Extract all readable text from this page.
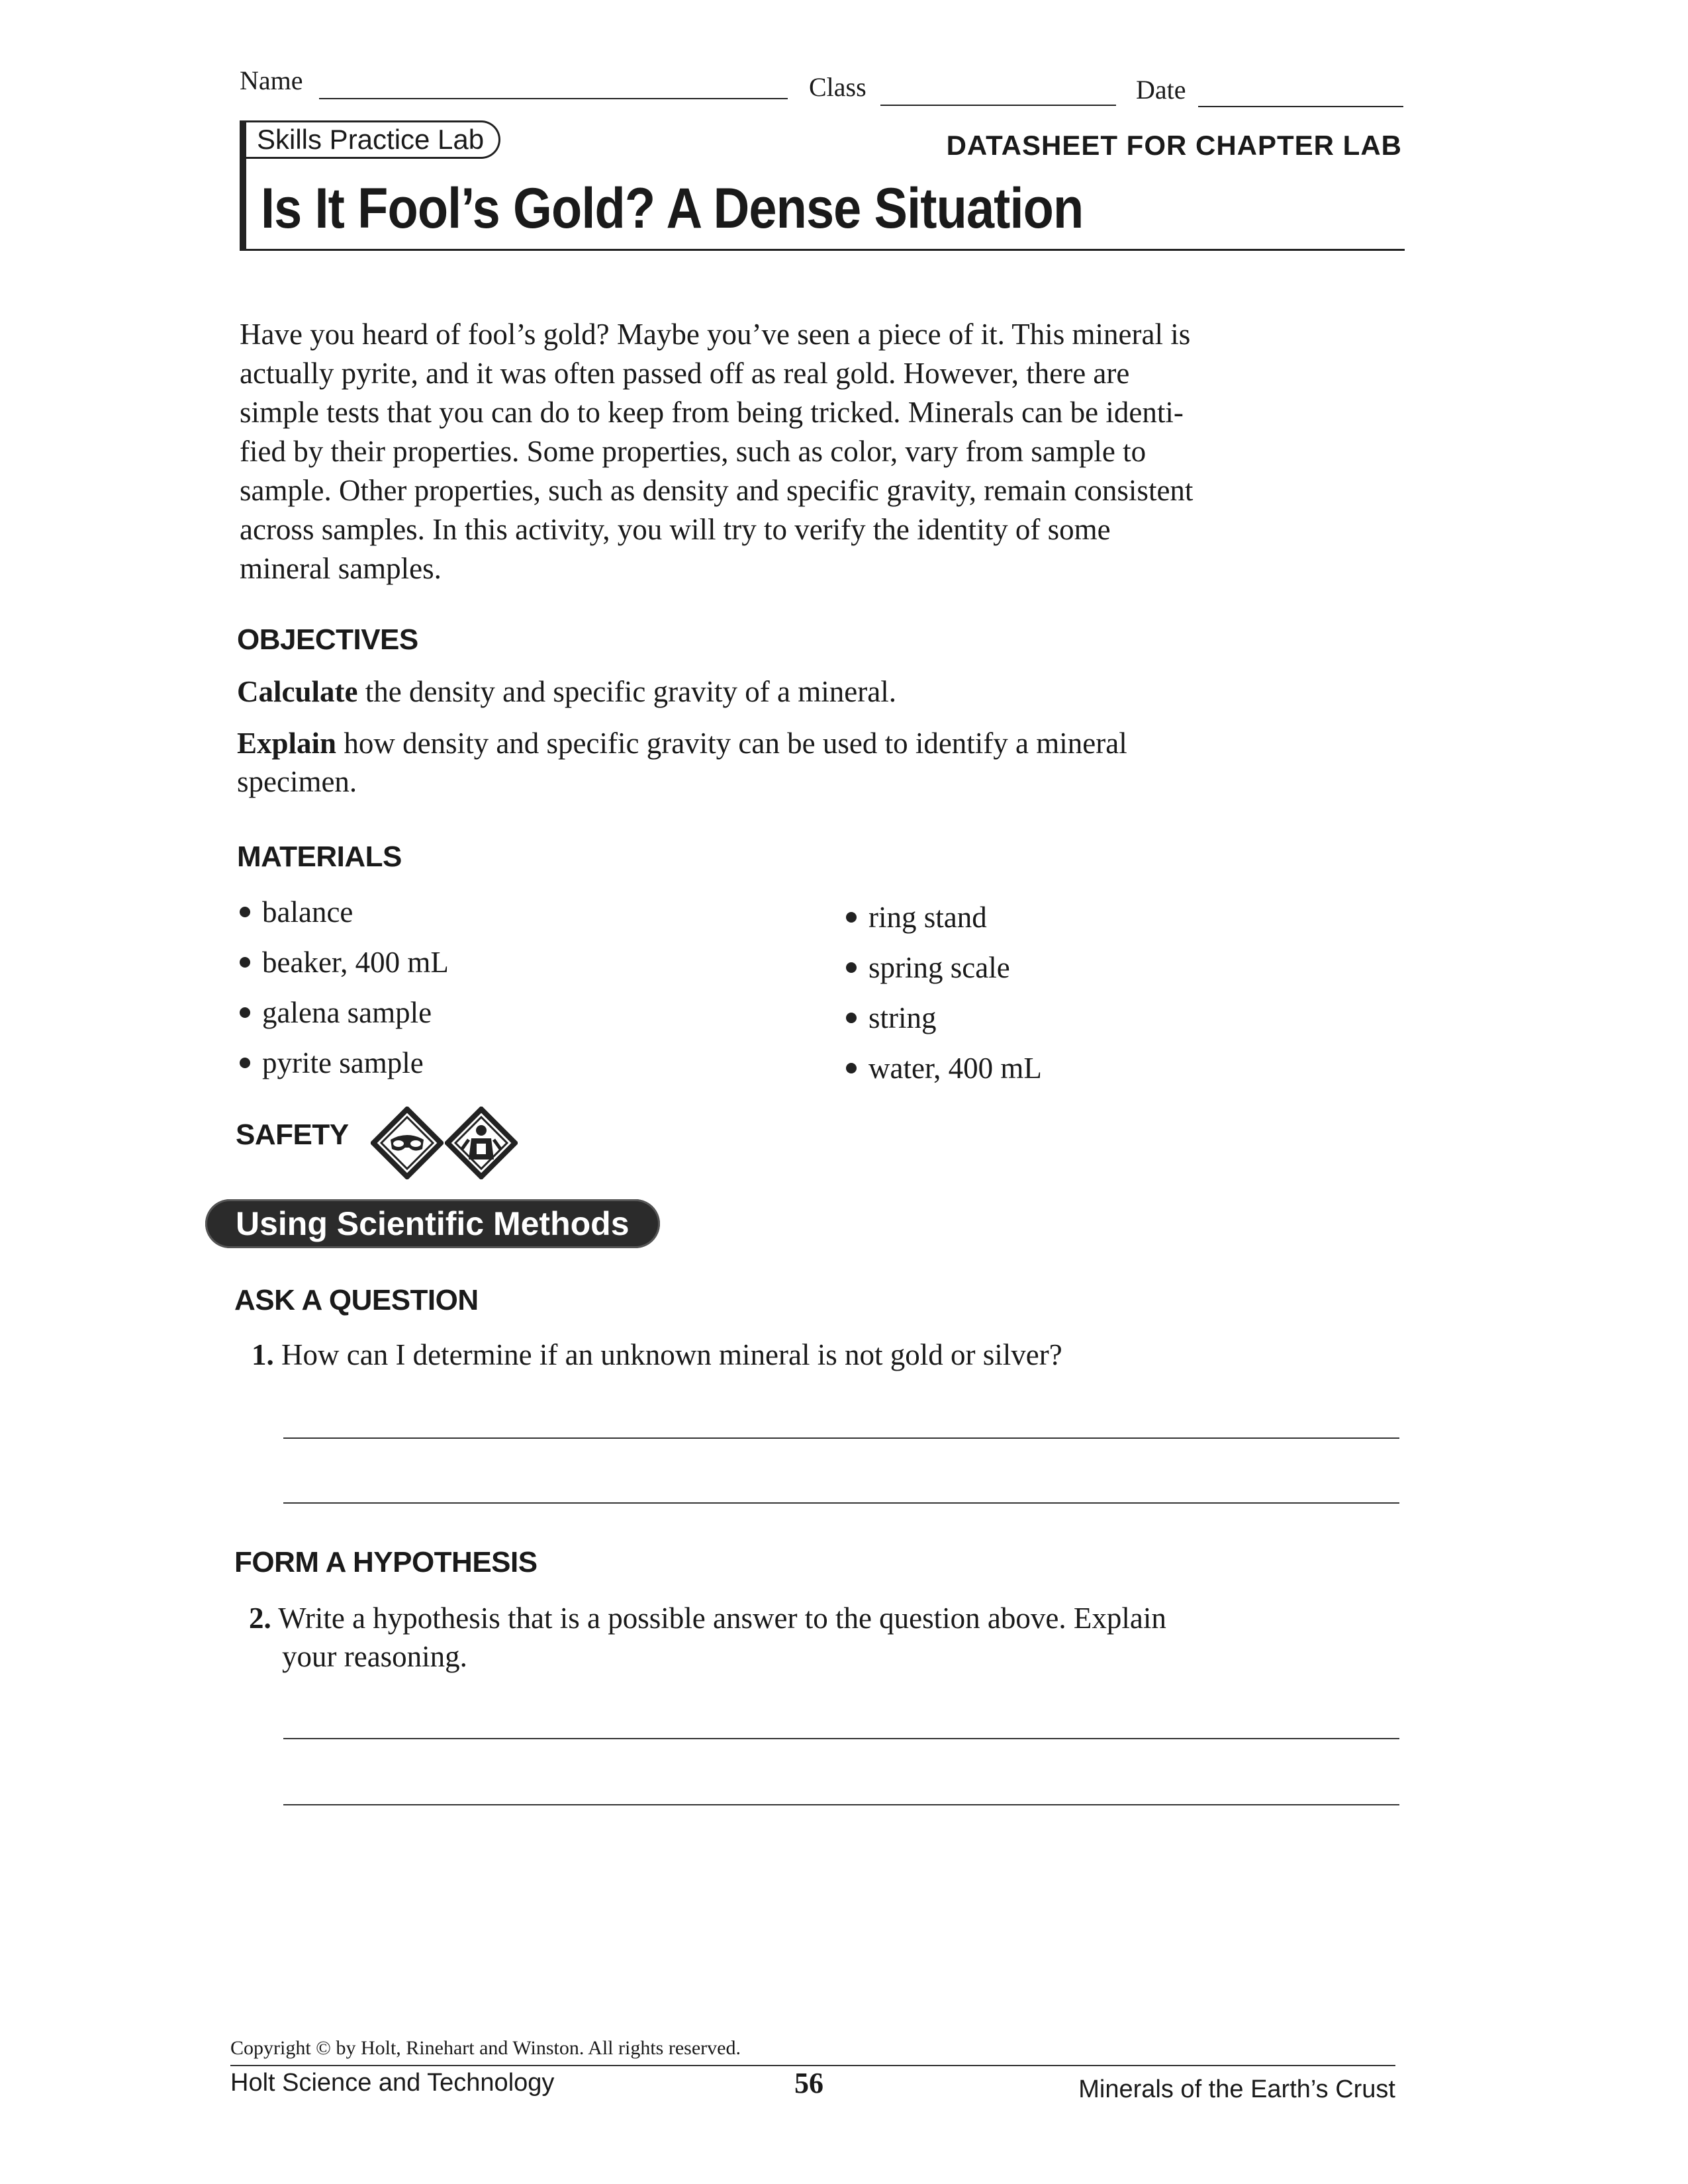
Name	Class	Date
Skills Practice Lab	DATASHEET FOR CHAPTER LAB
Is It Fool’s Gold? A Dense Situation
Have you heard of fool’s gold? Maybe you’ve seen a piece of it. This mineral is
actually pyrite, and it was often passed off as real gold. However, there are
simple tests that you can do to keep from being tricked. Minerals can be identi-
fied by their properties. Some properties, such as color, vary from sample to
sample. Other properties, such as density and specific gravity, remain consistent
across samples. In this activity, you will try to verify the identity of some
mineral samples.
OBJECTIVES
Calculate the density and specific gravity of a mineral.
Explain how density and specific gravity can be used to identify a mineral
specimen.
MATERIALS
balance
beaker, 400 mL
galena sample
pyrite sample
ring stand
spring scale
string
water, 400 mL
SAFETY
Using Scientific Methods
ASK A QUESTION
1. How can I determine if an unknown mineral is not gold or silver?
FORM A HYPOTHESIS
2. Write a hypothesis that is a possible answer to the question above. Explain
your reasoning.
Copyright © by Holt, Rinehart and Winston. All rights reserved.
Holt Science and Technology	56	Minerals of the Earth’s Crust
